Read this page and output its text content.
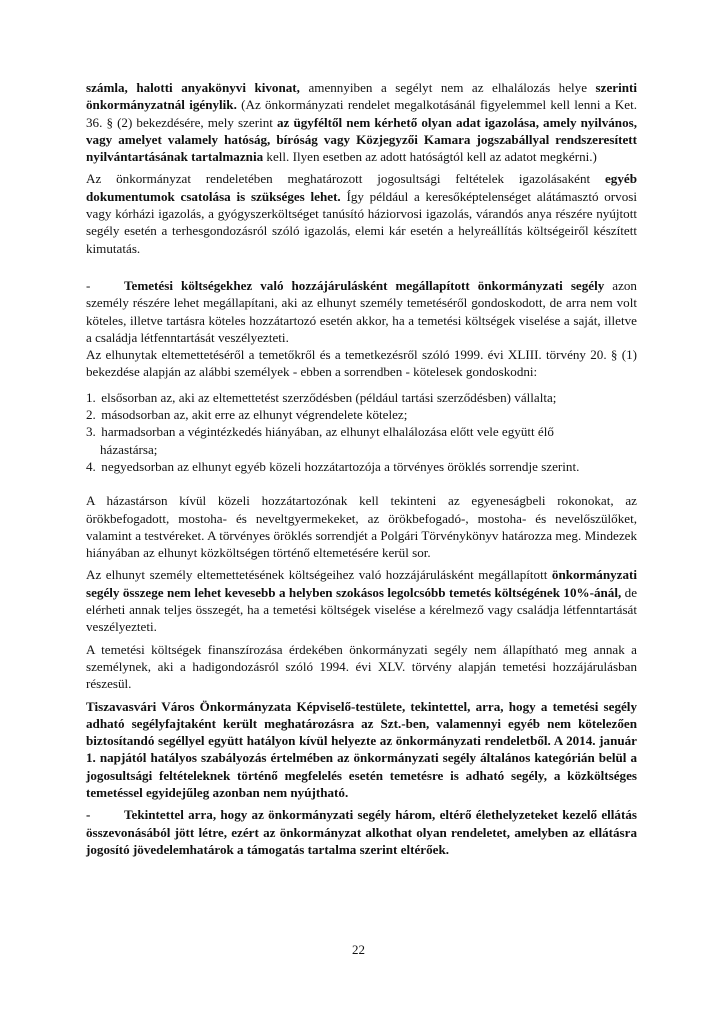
számla, halotti anyakönyvi kivonat, amennyiben a segélyt nem az elhalálozás helye szerinti önkormányzatnál igénylik. (Az önkormányzati rendelet megalkotásánál figyelemmel kell lenni a Ket. 36. § (2) bekezdésére, mely szerint az ügyféltől nem kérhető olyan adat igazolása, amely nyilvános, vagy amelyet valamely hatóság, bíróság vagy Közjegyzői Kamara jogszabállyal rendszeresített nyilvántartásának tartalmaznia kell. Ilyen esetben az adott hatóságtól kell az adatot megkérni.)

Az önkormányzat rendeletében meghatározott jogosultsági feltételek igazolásaként egyéb dokumentumok csatolása is szükséges lehet. Így például a keresőképtelenséget alátámasztó orvosi vagy kórházi igazolás, a gyógyszerköltséget tanúsító háziorvosi igazolás, várandós anya részére nyújtott segély esetén a terhesgondozásról szóló igazolás, elemi kár esetén a helyreállítás költségeiről készített kimutatás.

-	Temetési költségekhez való hozzájárulásként megállapított önkormányzati segély azon személy részére lehet megállapítani, aki az elhunyt személy temetéséről gondoskodott, de arra nem volt köteles, illetve tartásra köteles hozzátartozó esetén akkor, ha a temetési költségek viselése a saját, illetve a családja létfenntartását veszélyezteti.

Az elhunytak eltemettetéséről a temetőkről és a temetkezésről szóló 1999. évi XLIII. törvény 20. § (1) bekezdése alapján az alábbi személyek - ebben a sorrendben - kötelesek gondoskodni:

1. elsősorban az, aki az eltemettetést szerződésben (például tartási szerződésben) vállalta;
2. másodsorban az, akit erre az elhunyt végrendelete kötelez;
3. harmadsorban a végintézkedés hiányában, az elhunyt elhalálozása előtt vele együtt élő
házastársa;
4. negyedsorban az elhunyt egyéb közeli hozzátartozója a törvényes öröklés sorrendje szerint.

A házastárson kívül közeli hozzátartozónak kell tekinteni az egyeneságbeli rokonokat, az örökbefogadott, mostoha- és neveltgyermekeket, az örökbefogadó-, mostoha- és nevelőszülőket, valamint a testvéreket. A törvényes öröklés sorrendjét a Polgári Törvénykönyv határozza meg. Mindezek hiányában az elhunyt közköltségen történő eltemetésére kerül sor.

Az elhunyt személy eltemettetésének költségeihez való hozzájárulásként megállapított önkormányzati segély összege nem lehet kevesebb a helyben szokásos legolcsóbb temetés költségének 10%-ánál, de elérheti annak teljes összegét, ha a temetési költségek viselése a kérelmező vagy családja létfenntartását veszélyezteti.

A temetési költségek finanszírozása érdekében önkormányzati segély nem állapítható meg annak a személynek, aki a hadigondozásról szóló 1994. évi XLV. törvény alapján temetési hozzájárulásban részesül.

Tiszavasvári Város Önkormányzata Képviselő-testülete, tekintettel, arra, hogy a temetési segély adható segélyfajtaként került meghatározásra az Szt.-ben, valamennyi egyéb nem kötelezően biztosítandó segéllyel együtt hatályon kívül helyezte az önkormányzati rendeletből. A 2014. január 1. napjától hatályos szabályozás értelmében az önkormányzati segély általános kategórián belül a jogosultsági feltételeknek történő megfelelés esetén temetésre is adható segély, a közköltséges temetéssel egyidejűleg azonban nem nyújtható.

-	Tekintettel arra, hogy az önkormányzati segély három, eltérő élethelyzeteket kezelő ellátás összevonásából jött létre, ezért az önkormányzat alkothat olyan rendeletet, amelyben az ellátásra jogosító jövedelemhatárok a támogatás tartalma szerint eltérőek.

22
